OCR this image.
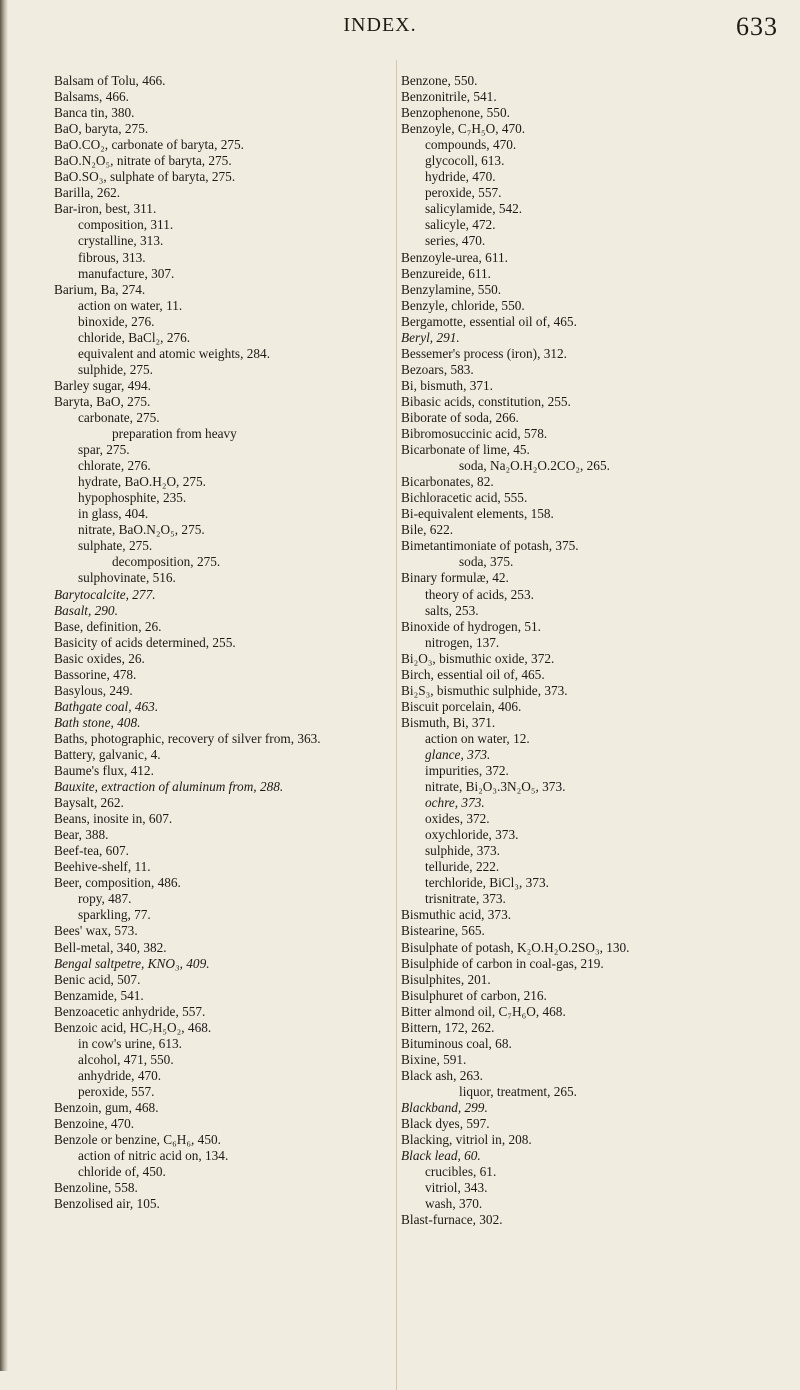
INDEX.	633
Balsam of Tolu, 466.
Balsams, 466.
Banca tin, 380.
BaO, baryta, 275.
BaO.CO₂, carbonate of baryta, 275.
BaO.N₂O₅, nitrate of baryta, 275.
BaO.SO₃, sulphate of baryta, 275.
Barilla, 262.
Bar-iron, best, 311.
composition, 311.
crystalline, 313.
fibrous, 313.
manufacture, 307.
Barium, Ba, 274.
action on water, 11.
binoxide, 276.
chloride, BaCl₂, 276.
equivalent and atomic weights, 284.
sulphide, 275.
Barley sugar, 494.
Baryta, BaO, 275.
carbonate, 275.
preparation from heavy
spar, 275.
chlorate, 276.
hydrate, BaO.H₂O, 275.
hypophosphite, 235.
in glass, 404.
nitrate, BaO.N₂O₅, 275.
sulphate, 275.
decomposition, 275.
sulphovinate, 516.
Barytocalcite, 277.
Basalt, 290.
Base, definition, 26.
Basicity of acids determined, 255.
Basic oxides, 26.
Bassorine, 478.
Basylous, 249.
Bathgate coal, 463.
Bath stone, 408.
Baths, photographic, recovery of silver from, 363.
Battery, galvanic, 4.
Baume's flux, 412.
Bauxite, extraction of aluminum from, 288.
Baysalt, 262.
Beans, inosite in, 607.
Bear, 388.
Beef-tea, 607.
Beehive-shelf, 11.
Beer, composition, 486.
ropy, 487.
sparkling, 77.
Bees' wax, 573.
Bell-metal, 340, 382.
Bengal saltpetre, KNO₃, 409.
Benic acid, 507.
Benzamide, 541.
Benzoacetic anhydride, 557.
Benzoic acid, HC₇H₅O₂, 468.
in cow's urine, 613.
alcohol, 471, 550.
anhydride, 470.
peroxide, 557.
Benzoin, gum, 468.
Benzoine, 470.
Benzole or benzine, C₆H₆, 450.
action of nitric acid on, 134.
chloride of, 450.
Benzoline, 558.
Benzolised air, 105.
Benzone, 550.
Benzonitrile, 541.
Benzophenone, 550.
Benzoyle, C₇H₅O, 470.
compounds, 470.
glycocoll, 613.
hydride, 470.
peroxide, 557.
salicylamide, 542.
salicyle, 472.
series, 470.
Benzoyle-urea, 611.
Benzureide, 611.
Benzylamine, 550.
Benzyle, chloride, 550.
Bergamotte, essential oil of, 465.
Beryl, 291.
Bessemer's process (iron), 312.
Bezoars, 583.
Bi, bismuth, 371.
Bibasic acids, constitution, 255.
Biborate of soda, 266.
Bibromosuccinic acid, 578.
Bicarbonate of lime, 45.
soda, Na₂O.H₂O.2CO₂, 265.
Bicarbonates, 82.
Bichloracetic acid, 555.
Bi-equivalent elements, 158.
Bile, 622.
Bimetantimoniate of potash, 375.
soda, 375.
Binary formulæ, 42.
theory of acids, 253.
salts, 253.
Binoxide of hydrogen, 51.
nitrogen, 137.
Bi₂O₃, bismuthic oxide, 372.
Birch, essential oil of, 465.
Bi₂S₃, bismuthic sulphide, 373.
Biscuit porcelain, 406.
Bismuth, Bi, 371.
action on water, 12.
glance, 373.
impurities, 372.
nitrate, Bi₂O₃.3N₂O₅, 373.
ochre, 373.
oxides, 372.
oxychloride, 373.
sulphide, 373.
telluride, 222.
terchloride, BiCl₃, 373.
trisnitrate, 373.
Bismuthic acid, 373.
Bistearine, 565.
Bisulphate of potash, K₂O.H₂O.2SO₃, 130.
Bisulphide of carbon in coal-gas, 219.
Bisulphites, 201.
Bisulphuret of carbon, 216.
Bitter almond oil, C₇H₆O, 468.
Bittern, 172, 262.
Bituminous coal, 68.
Bixine, 591.
Black ash, 263.
liquor, treatment, 265.
Blackband, 299.
Black dyes, 597.
Blacking, vitriol in, 208.
Black lead, 60.
crucibles, 61.
vitriol, 343.
wash, 370.
Blast-furnace, 302.
